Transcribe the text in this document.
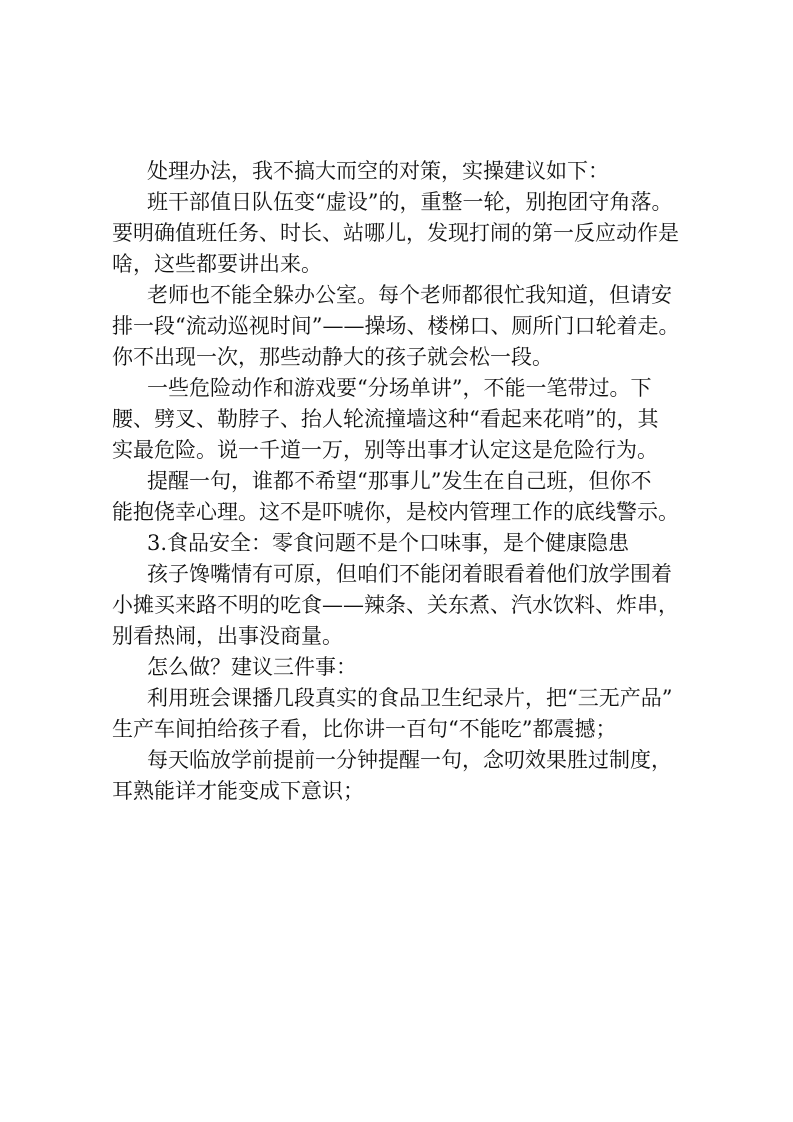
处理办法，我不搞大而空的对策，实操建议如下：
班干部值日队伍变“虚设”的，重整一轮，别抱团守角落。
要明确值班任务、时长、站哪儿，发现打闹的第一反应动作是
啥，这些都要讲出来。
老师也不能全躲办公室。每个老师都很忙我知道，但请安
排一段“流动巡视时间”——操场、楼梯口、厕所门口轮着走。
你不出现一次，那些动静大的孩子就会松一段。
一些危险动作和游戏要“分场单讲”，不能一笔带过。下
腰、劈叉、勒脖子、抬人轮流撞墙这种“看起来花哨”的，其
实最危险。说一千道一万，别等出事才认定这是危险行为。
提醒一句，谁都不希望“那事儿”发生在自己班，但你不
能抱侥幸心理。这不是吓唬你，是校内管理工作的底线警示。
3.食品安全：零食问题不是个口味事，是个健康隐患
孩子馋嘴情有可原，但咱们不能闭着眼看着他们放学围着
小摊买来路不明的吃食——辣条、关东煮、汽水饮料、炸串，
别看热闹，出事没商量。
怎么做？建议三件事：
利用班会课播几段真实的食品卫生纪录片，把“三无产品”
生产车间拍给孩子看，比你讲一百句“不能吃”都震撼；
每天临放学前提前一分钟提醒一句，念叨效果胜过制度，
耳熟能详才能变成下意识；
